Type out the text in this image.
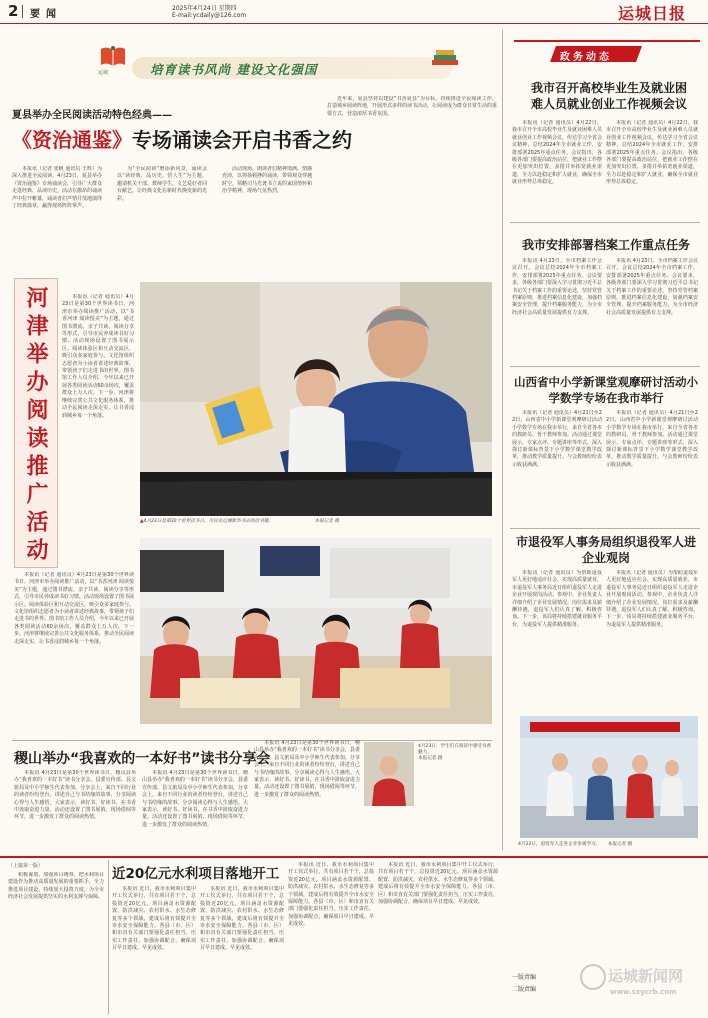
2 要闻
2025年4月24日 星期四
E-mail:ycdaily@126.com	运城日报
政务动态
运城	培育读书风尚 建设文化强国
夏县举办全民阅读活动特色经典——
《资治通鉴》专场诵读会开启书香之约

本报讯（记者 张帆 通讯员 王辉）为深入推进全民阅读，4月23日，夏县举办《资治通鉴》专场诵读会，引导广大群众走进经典、品读历史。活动在激昂的诵读声中拉开帷幕，诵读者们声情并茂地演绎了经典篇章，赢得现场阵阵掌声。

为“全民阅读”增添新风景，诵读会以“读经典、品历史、悟人生”为主题，邀请机关干部、教师学生、文艺爱好者同台献艺，让经典文化在新时代焕发新的光彩。

活动现场，朗读者们精神饱满、情感充沛，以抑扬顿挫的诵读，带领观众穿越时空，领略司马光著书立说的家国情怀和治学精神，现场气氛热烈。

近年来，夏县坚持以建设“书香夏县”为目标，持续推进全民阅读工作，打造城乡阅读阵地，开展形式多样的读书活动，让阅读成为群众日常生活的重要方式，营造浓厚书香氛围。

河津举办阅读推广活动	本报讯（记者 通讯员）4月23日是第30个世界读书日，河津市举办阅读推广活动，以“书香河津 阅读悦美”为主题，通过图书漂流、亲子共读、阅读分享等形式，引导市民养成读书好习惯。活动现场设置了图书展示区、阅读体验区和互动交流区，吸引众多家庭参与。文化馆组织志愿者为小读者讲述经典故事，带领孩子们走进书的世界。图书馆工作人员介绍，今年以来已开展各类阅读活动60余场次，覆盖群众上万人次。下一步，河津将继续完善公共文化服务体系，推动全民阅读走深走实，让书香浸润城乡每一个角落。

本报讯（记者 通讯员）4月23日是第30个世界读书日，河津市举办阅读推广活动，以“书香河津 阅读悦美”为主题，通过图书漂流、亲子共读、阅读分享等形式，引导市民养成读书好习惯。活动现场设置了图书展示区、阅读体验区和互动交流区，吸引众多家庭参与。文化馆组织志愿者为小读者讲述经典故事，带领孩子们走进书的世界。图书馆工作人员介绍，今年以来已开展各类阅读活动60余场次，覆盖群众上万人次。下一步，河津将继续完善公共文化服务体系，推动全民阅读走深走实，让书香浸润城乡每一个角落。

▲4月23日是第30个世界读书日，市民在运城新华书店阅读书籍。	本报记者 摄
稷山举办“我喜欢的一本好书”读书分享会

本报讯 4月23日是第30个世界读书日，稷山县举办“我喜欢的一本好书”读书分享会，县委宣传部、县文旅局及中小学师生代表参加。分享会上，来自不同行业的读者纷纷登台，讲述自己与书结缘的故事，分享阅读心得与人生感悟。大家表示，读好书、好读书，在书香中汲取奋进力量。活动还设置了图书展销、现场借阅等环节，进一步激发了群众的阅读热情。

本报讯 4月23日是第30个世界读书日，稷山县举办“我喜欢的一本好书”读书分享会，县委宣传部、县文旅局及中小学师生代表参加。分享会上，来自不同行业的读者纷纷登台，讲述自己与书结缘的故事，分享阅读心得与人生感悟。大家表示，读好书、好读书，在书香中汲取奋进力量。活动还设置了图书展销、现场借阅等环节，进一步激发了群众的阅读热情。

本报讯 4月23日是第30个世界读书日，稷山县举办“我喜欢的一本好书”读书分享会，县委宣传部、县文旅局及中小学师生代表参加。分享会上，来自不同行业的读者纷纷登台，讲述自己与书结缘的故事，分享阅读心得与人生感悟。大家表示，读好书、好读书，在书香中汲取奋进力量。活动还设置了图书展销、现场借阅等环节，进一步激发了群众的阅读热情。

4月23日，学生们在阅读中感受书香魅力。
本报记者 摄
我市召开高校毕业生及就业困难人员就业创业工作视频会议

本报讯（记者 通讯员）4月22日，我市召开全市高校毕业生及就业困难人员就业创业工作视频会议，传达学习全省会议精神，总结2024年全市就业工作，安排部署2025年重点任务。会议指出，各级各部门要提高政治站位，把就业工作摆在更加突出位置，多措并举拓宽就业渠道，全力以赴稳定和扩大就业，确保全市就业形势总体稳定。

本报讯（记者 通讯员）4月22日，我市召开全市高校毕业生及就业困难人员就业创业工作视频会议，传达学习全省会议精神，总结2024年全市就业工作，安排部署2025年重点任务。会议指出，各级各部门要提高政治站位，把就业工作摆在更加突出位置，多措并举拓宽就业渠道，全力以赴稳定和扩大就业，确保全市就业形势总体稳定。

我市安排部署档案工作重点任务

本报讯 4月23日，全市档案工作会议召开。会议总结2024年全市档案工作，安排部署2025年重点任务。会议要求，各级各部门要深入学习贯彻习近平总书记关于档案工作的重要论述，坚持党管档案原则，推进档案信息化建设，加强档案安全管理，提升档案服务能力，为全市经济社会高质量发展提供有力支撑。

本报讯 4月23日，全市档案工作会议召开。会议总结2024年全市档案工作，安排部署2025年重点任务。会议要求，各级各部门要深入学习贯彻习近平总书记关于档案工作的重要论述，坚持党管档案原则，推进档案信息化建设，加强档案安全管理，提升档案服务能力，为全市经济社会高质量发展提供有力支撑。

山西省中小学新课堂观摩研讨活动小学数学专场在我市举行

本报讯（记者 通讯员）4月21日至22日，山西省中小学新课堂观摩研讨活动小学数学专场在我市举行，来自全省各市的教研员、骨干教师参加。活动通过课堂展示、专家点评、专题讲座等形式，深入探讨新课标背景下小学数学课堂教学改革，推动教学质量提升。与会教师纷纷表示收获满满。

本报讯（记者 通讯员）4月21日至22日，山西省中小学新课堂观摩研讨活动小学数学专场在我市举行，来自全省各市的教研员、骨干教师参加。活动通过课堂展示、专家点评、专题讲座等形式，深入探讨新课标背景下小学数学课堂教学改革，推动教学质量提升。与会教师纷纷表示收获满满。

市退役军人事务局组织退役军人进企业观岗

本报讯（记者 通讯员）为帮助退役军人更好地适应社会、实现高质量就业，市退役军人事务局近日组织退役军人走进企业开展观岗活动。参观中，企业负责人详细介绍了企业发展情况、岗位需求及薪酬待遇，退役军人们认真了解、积极咨询。下一步，该局将持续搭建就业服务平台，为退役军人提供精准服务。

本报讯（记者 通讯员）为帮助退役军人更好地适应社会、实现高质量就业，市退役军人事务局近日组织退役军人走进企业开展观岗活动。参观中，企业负责人详细介绍了企业发展情况、岗位需求及薪酬待遇，退役军人们认真了解、积极咨询。下一步，该局将持续搭建就业服务平台，为退役军人提供精准服务。

4月22日，退役军人走进企业参观学习。 本报记者 摄
（上接第一版）

积极谋划、加强项目统筹，把水利项目建设作为推动高质量发展的重要抓手，全力推进项目建设，持续加大投资力度，为全市经济社会发展提供坚实的水利支撑与保障。

近20亿元水利项目落地开工

本报讯 近日，我市水利项目集中开工仪式举行，共有项目若干个，总投资近20亿元。项目涵盖水资源配置、防洪减灾、农村供水、水生态修复等多个领域，建成后将有效提升全市水安全保障能力。各县（市、区）和市直有关部门要强化责任担当，压实工作责任，加强协调配合，确保项目早日建成、早见成效。

本报讯 近日，我市水利项目集中开工仪式举行，共有项目若干个，总投资近20亿元。项目涵盖水资源配置、防洪减灾、农村供水、水生态修复等多个领域，建成后将有效提升全市水安全保障能力。各县（市、区）和市直有关部门要强化责任担当，压实工作责任，加强协调配合，确保项目早日建成、早见成效。

本报讯 近日，我市水利项目集中开工仪式举行，共有项目若干个，总投资近20亿元。项目涵盖水资源配置、防洪减灾、农村供水、水生态修复等多个领域，建成后将有效提升全市水安全保障能力。各县（市、区）和市直有关部门要强化责任担当，压实工作责任，加强协调配合，确保项目早日建成、早见成效。

本报讯 近日，我市水利项目集中开工仪式举行，共有项目若干个，总投资近20亿元。项目涵盖水资源配置、防洪减灾、农村供水、水生态修复等多个领域，建成后将有效提升全市水安全保障能力。各县（市、区）和市直有关部门要强化责任担当，压实工作责任，加强协调配合，确保项目早日建成、早见成效。

一版责编
二版责编
运城新闻网
www.sxycrb.com
